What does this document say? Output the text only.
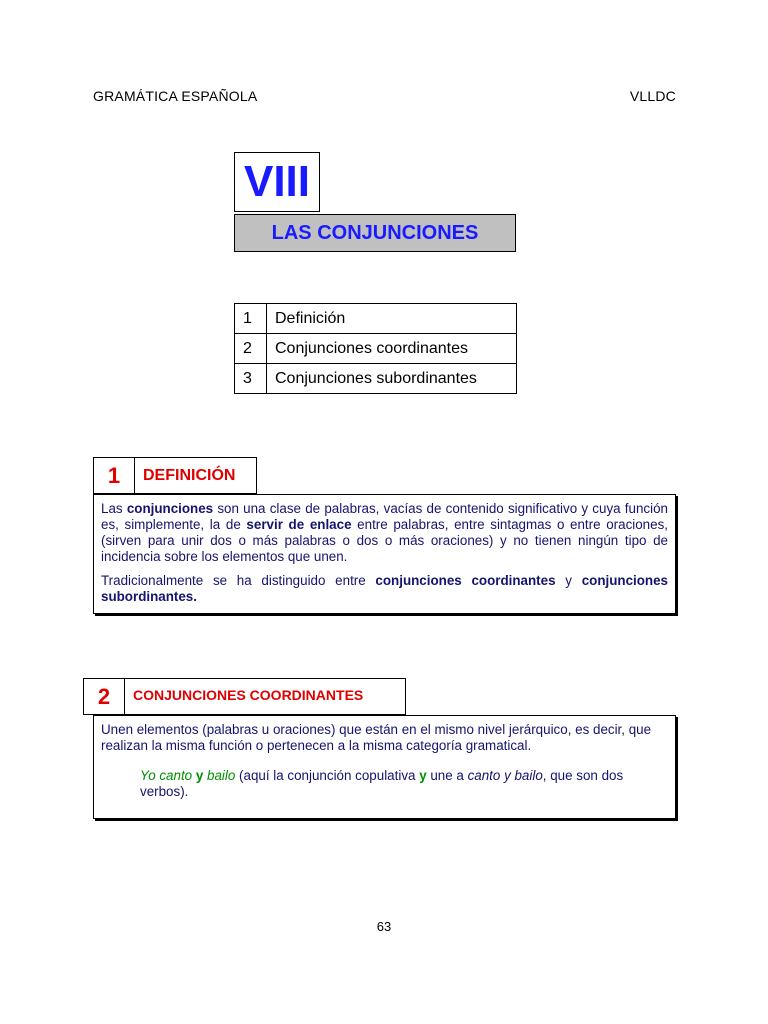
GRAMÁTICA ESPAÑOLA	VLLDC
VIII
LAS CONJUNCIONES
1	Definición
2	Conjunciones coordinantes
3	Conjunciones subordinantes
1	DEFINICIÓN

Las conjunciones son una clase de palabras, vacías de contenido significativo y cuya función es, simplemente, la de servir de enlace entre palabras, entre sintagmas o entre oraciones, (sirven para unir dos o más palabras o dos o más oraciones) y no tienen ningún tipo de incidencia sobre los elementos que unen.

Tradicionalmente se ha distinguido entre conjunciones coordinantes y conjunciones subordinantes.

2	CONJUNCIONES COORDINANTES

Unen elementos (palabras u oraciones) que están en el mismo nivel jerárquico, es decir, que realizan la misma función o pertenecen a la misma categoría gramatical.

Yo canto y bailo (aquí la conjunción copulativa y une a canto y bailo, que son dos verbos).

63
